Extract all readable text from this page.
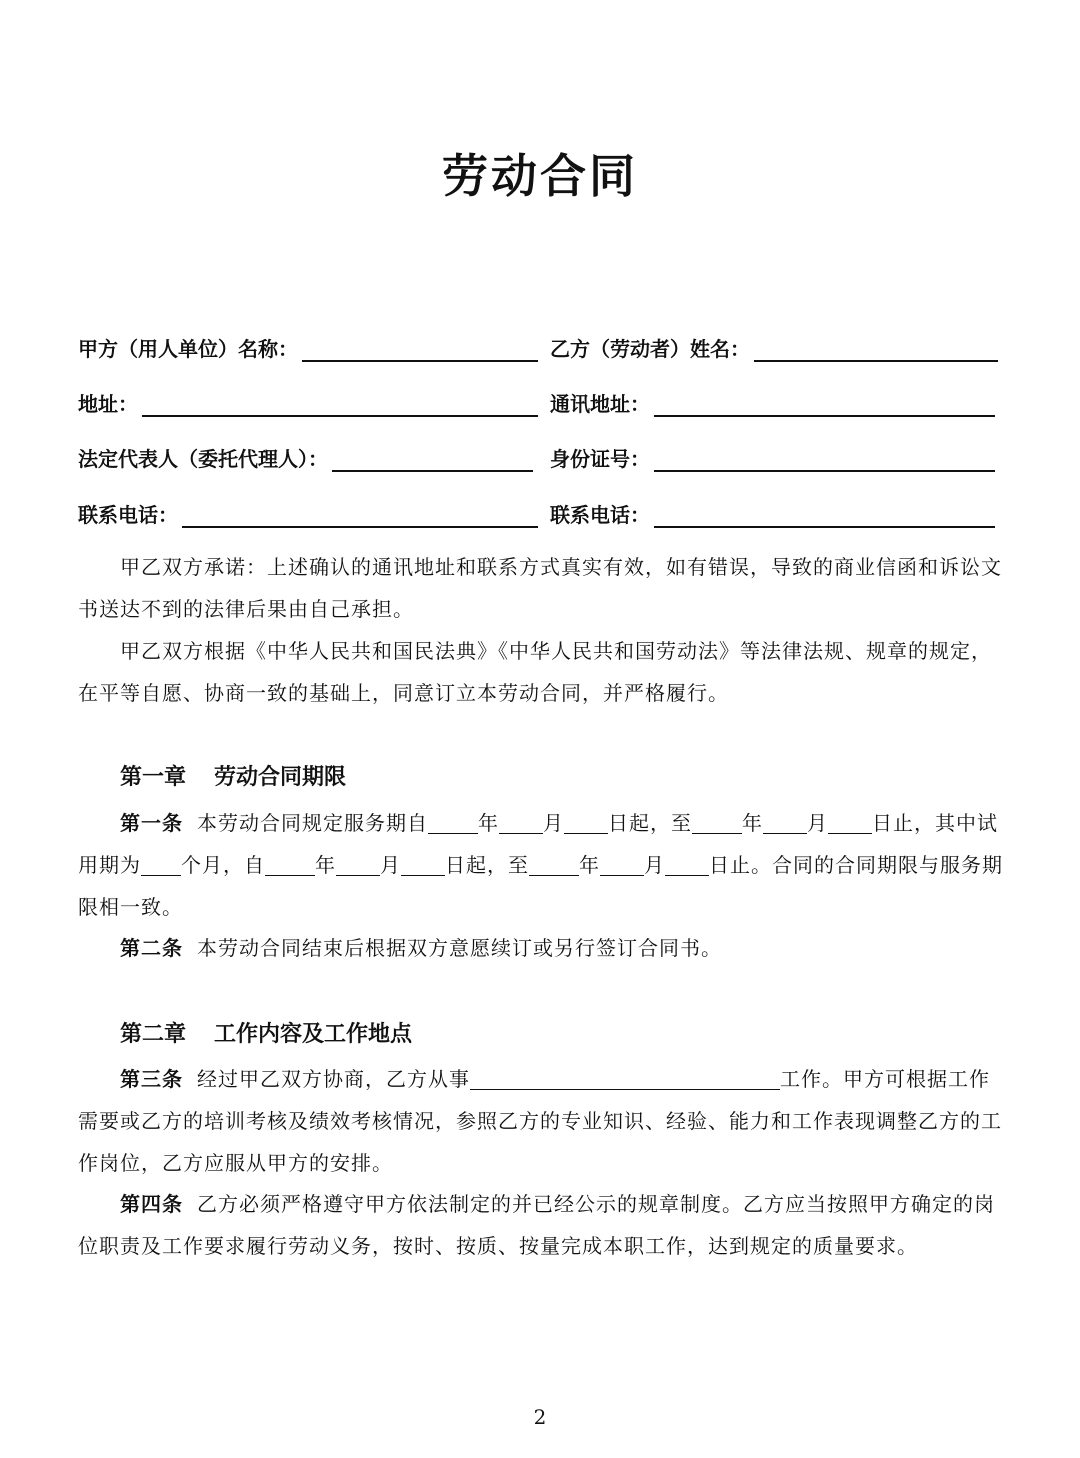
劳动合同
甲方（用人单位）名称：	乙方（劳动者）姓名：
地址：	通讯地址：
法定代表人（委托代理人）：	身份证号：
联系电话：	联系电话：
甲乙双方承诺：上述确认的通讯地址和联系方式真实有效，如有错误，导致的商业信函和诉讼文书送达不到的法律后果由自己承担。
甲乙双方根据《中华人民共和国民法典》《中华人民共和国劳动法》等法律法规、规章的规定，在平等自愿、协商一致的基础上，同意订立本劳动合同，并严格履行。
第一章 劳动合同期限
第一条 本劳动合同规定服务期自	年 月 日起，至	年 月 日止，其中试用期为 个月，自	年 月 日起，至	年 月 日止。合同的合同期限与服务期限相一致。
第二条 本劳动合同结束后根据双方意愿续订或另行签订合同书。
第二章 工作内容及工作地点
第三条 经过甲乙双方协商，乙方从事	工作。甲方可根据工作需要或乙方的培训考核及绩效考核情况，参照乙方的专业知识、经验、能力和工作表现调整乙方的工作岗位，乙方应服从甲方的安排。
第四条 乙方必须严格遵守甲方依法制定的并已经公示的规章制度。乙方应当按照甲方确定的岗位职责及工作要求履行劳动义务，按时、按质、按量完成本职工作，达到规定的质量要求。
2
